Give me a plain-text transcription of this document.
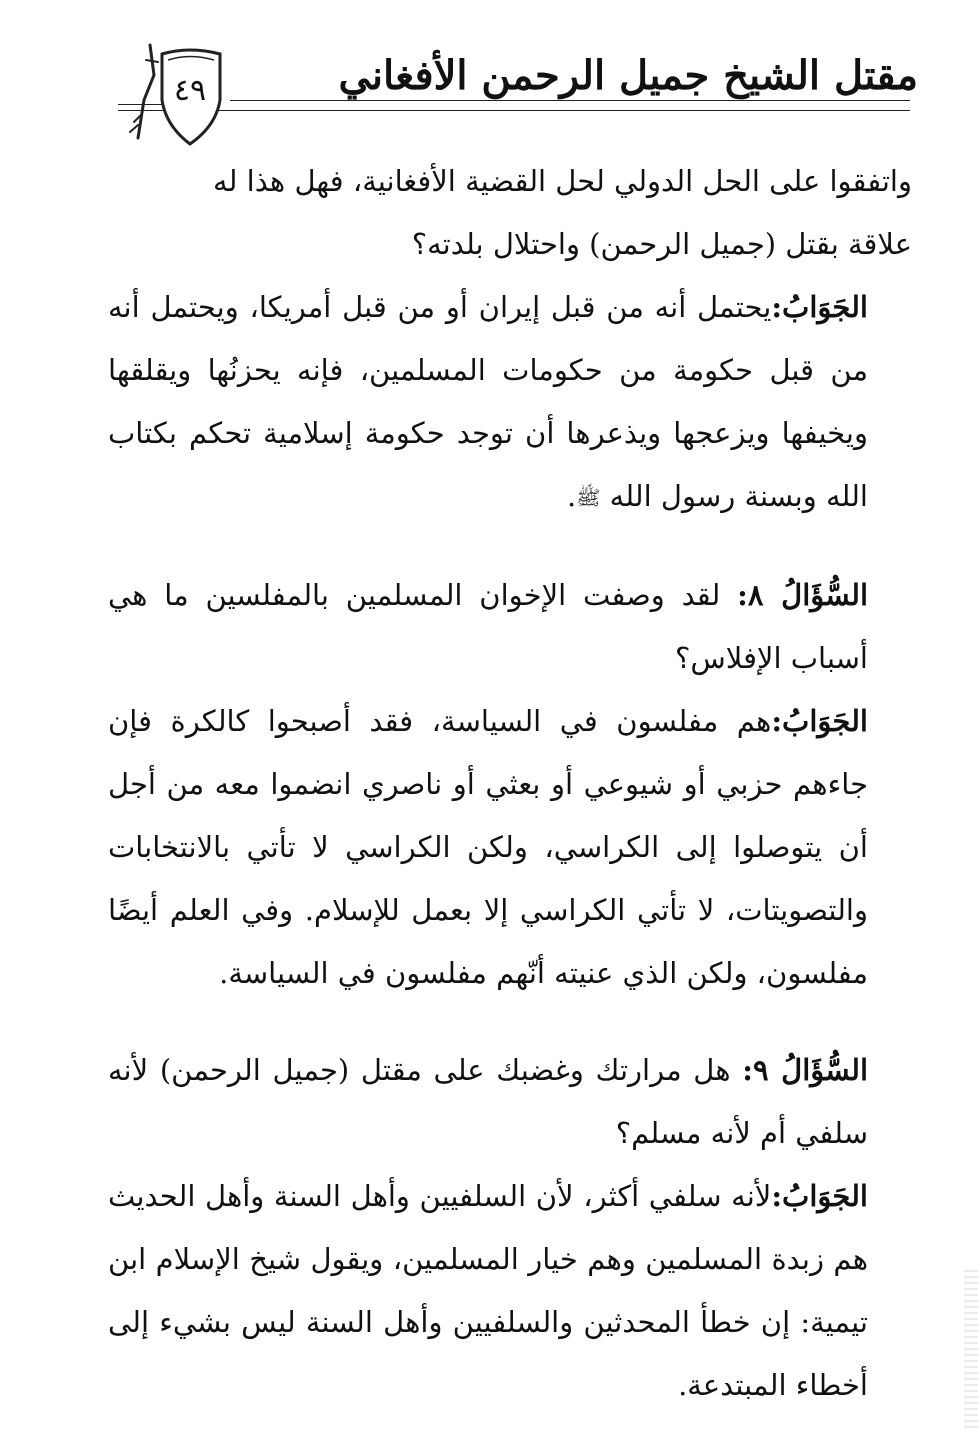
مقتل الشيخ جميل الرحمن الأفغاني
٤٩
واتفقوا على الحل الدولي لحل القضية الأفغانية، فهل هذا له
علاقة بقتل (جميل الرحمن) واحتلال بلدته؟
الجَوَابُ:يحتمل أنه من قبل إيران أو من قبل أمريكا، ويحتمل أنه من قبل حكومة من حكومات المسلمين، فإنه يحزنُها ويقلقها ويخيفها ويزعجها ويذعرها أن توجد حكومة إسلامية تحكم بكتاب الله وبسنة رسول الله ﷺ.
السُّؤَالُ ٨: لقد وصفت الإخوان المسلمين بالمفلسين ما هي أسباب الإفلاس؟
الجَوَابُ:هم مفلسون في السياسة، فقد أصبحوا كالكرة فإن جاءهم حزبي أو شيوعي أو بعثي أو ناصري انضموا معه من أجل أن يتوصلوا إلى الكراسي، ولكن الكراسي لا تأتي بالانتخابات والتصويتات، لا تأتي الكراسي إلا بعمل للإسلام. وفي العلم أيضًا مفلسون، ولكن الذي عنيته أنّهم مفلسون في السياسة.
السُّؤَالُ ٩: هل مرارتك وغضبك على مقتل (جميل الرحمن) لأنه سلفي أم لأنه مسلم؟
الجَوَابُ:لأنه سلفي أكثر، لأن السلفيين وأهل السنة وأهل الحديث هم زبدة المسلمين وهم خيار المسلمين، ويقول شيخ الإسلام ابن تيمية: إن خطأ المحدثين والسلفيين وأهل السنة ليس بشيء إلى أخطاء المبتدعة.
